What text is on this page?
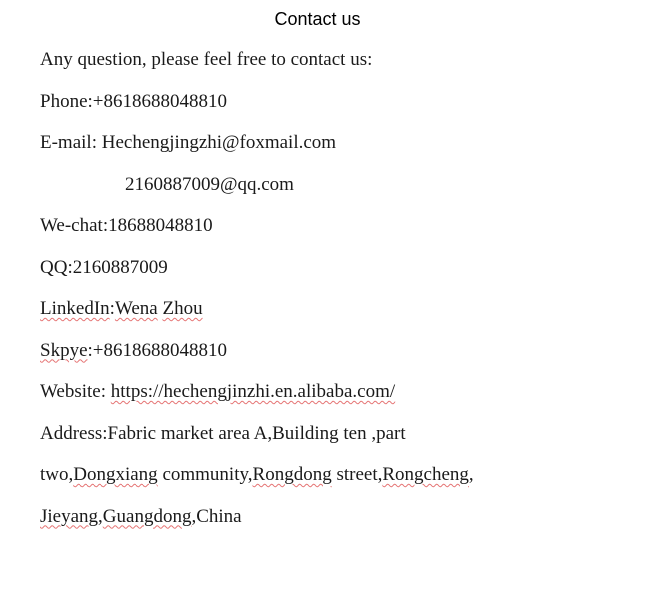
Contact us
Any question, please feel free to contact us:
Phone:+8618688048810
E-mail: Hechengjingzhi@foxmail.com
2160887009@qq.com
We-chat:18688048810
QQ:2160887009
LinkedIn:Wena Zhou
Skpye:+8618688048810
Website: https://hechengjinzhi.en.alibaba.com/
Address:Fabric market area A,Building ten ,part
two,Dongxiang community,Rongdong street,Rongcheng,
Jieyang,Guangdong,China
